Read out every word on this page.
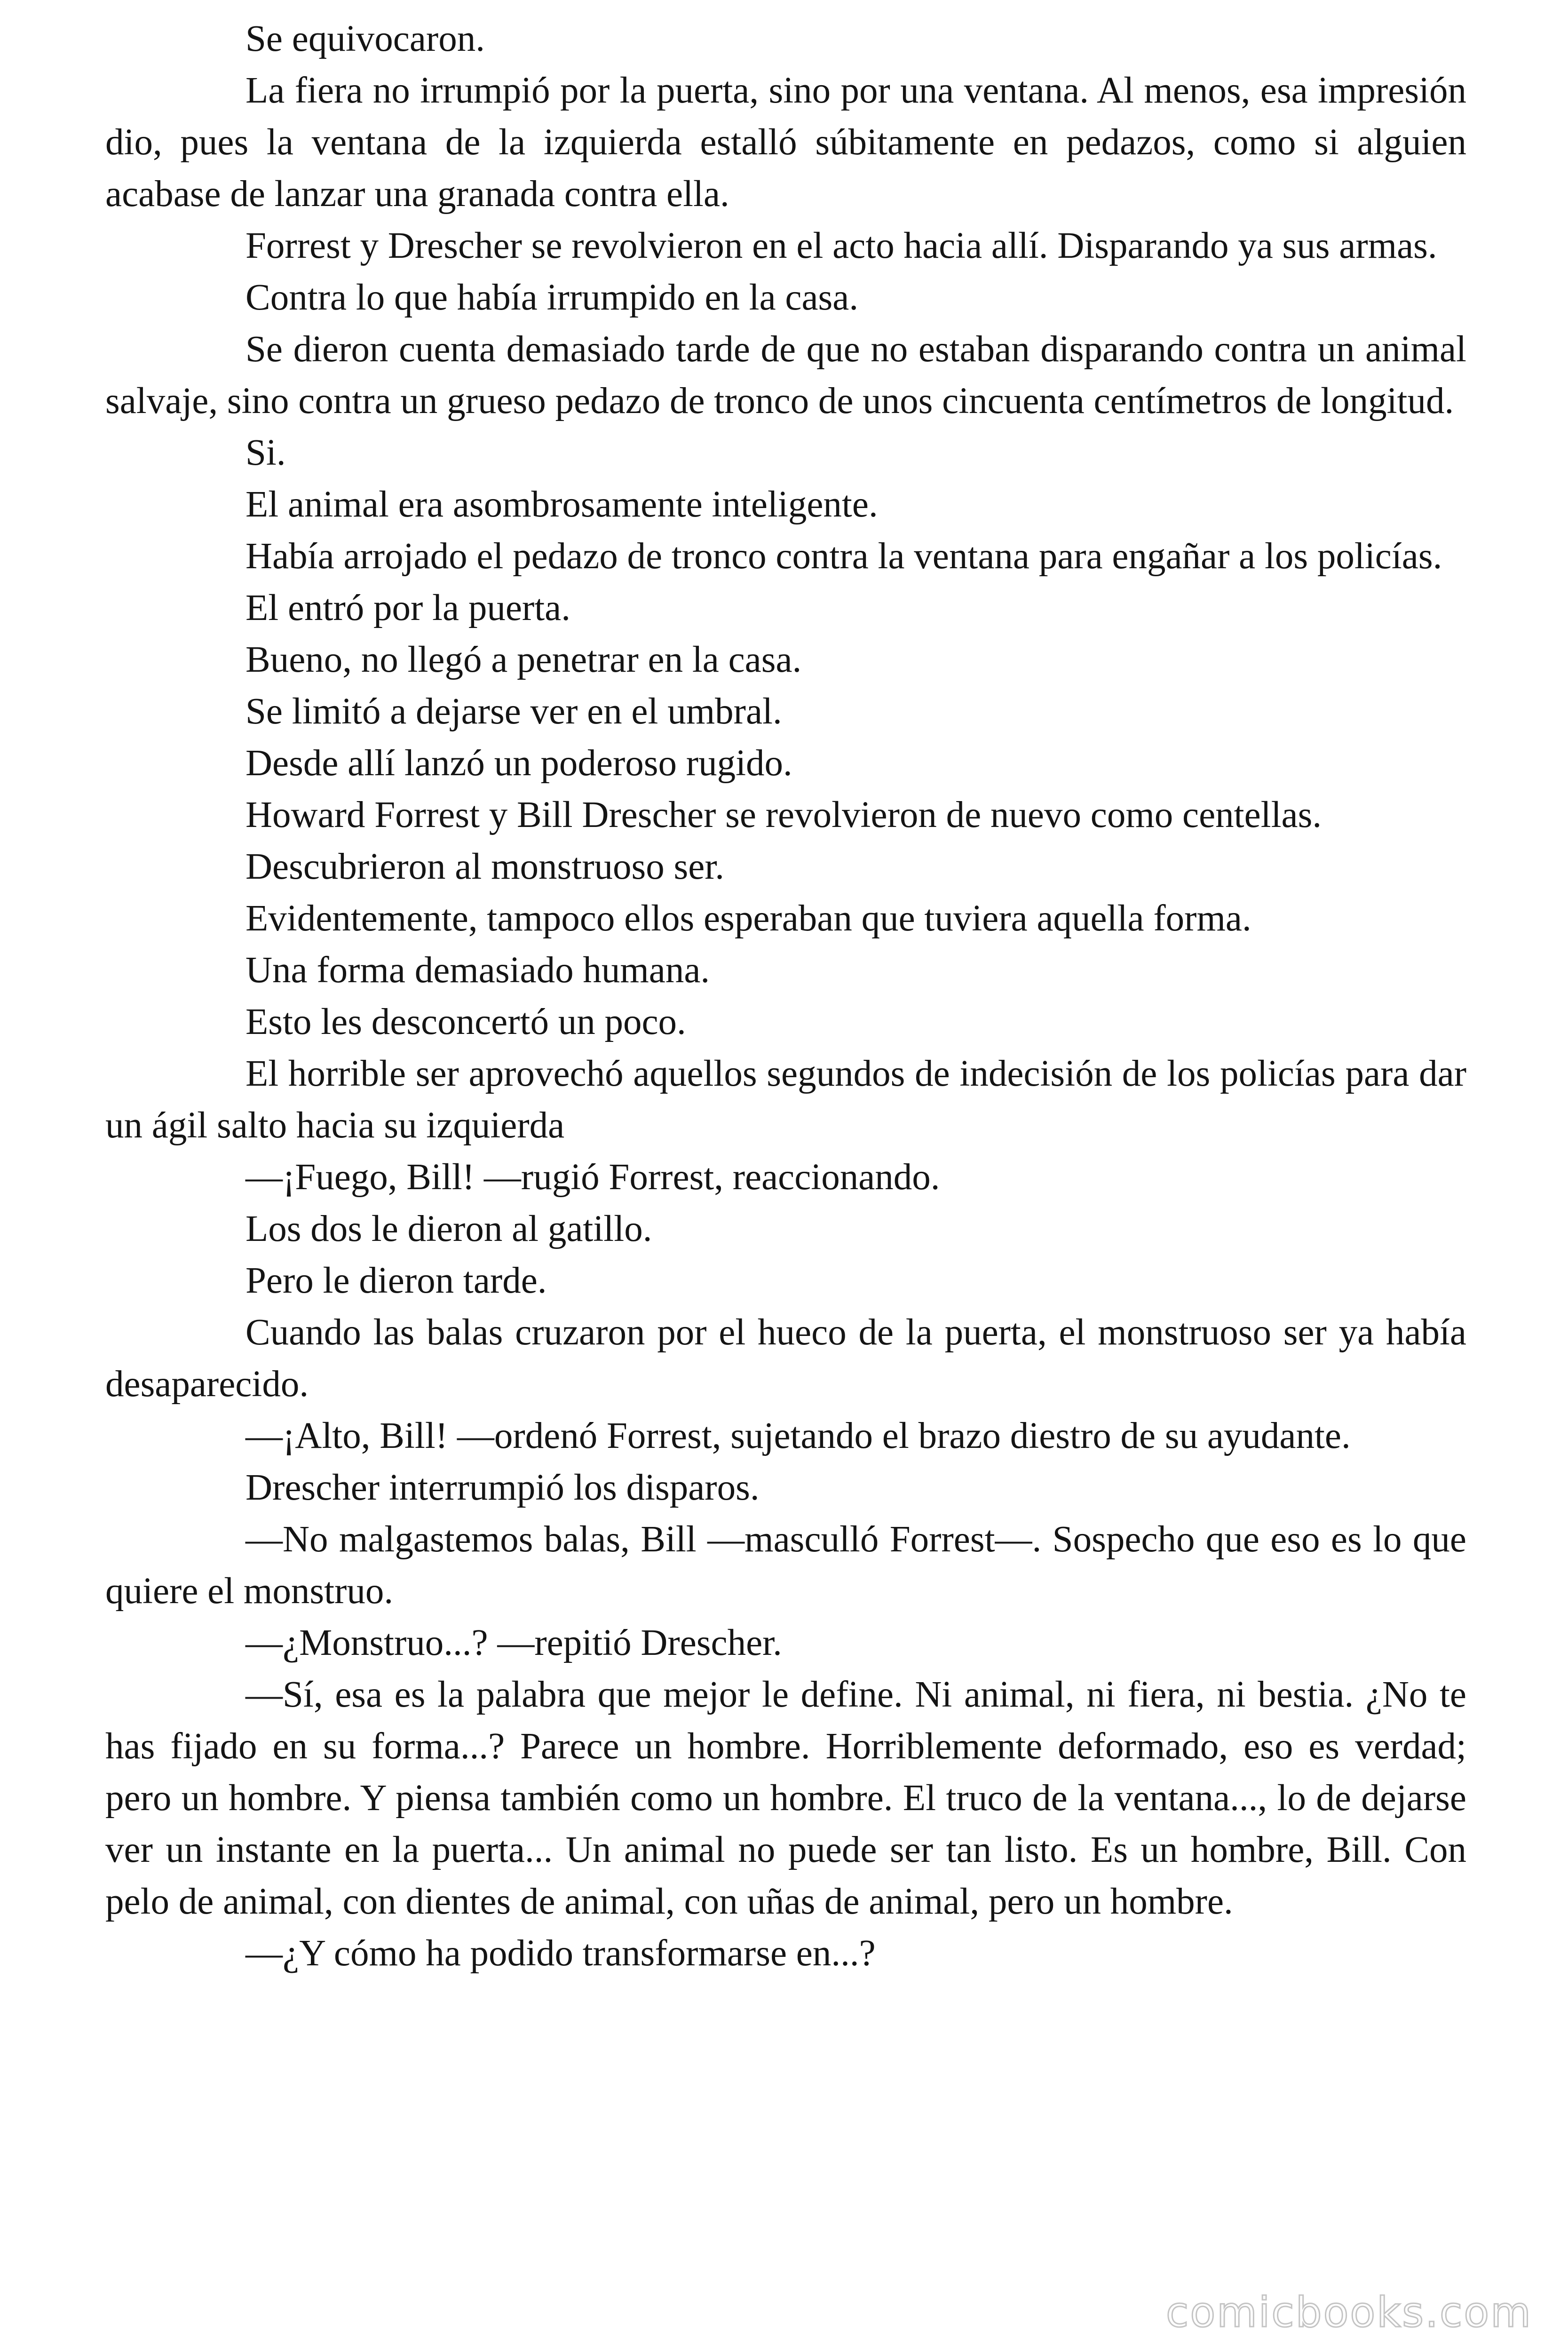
Se equivocaron.

La fiera no irrumpió por la puerta, sino por una ventana. Al menos, esa impresión dio, pues la ventana de la izquierda estalló súbitamente en pedazos, como si alguien acabase de lanzar una granada contra ella.

Forrest y Drescher se revolvieron en el acto hacia allí. Disparando ya sus armas.

Contra lo que había irrumpido en la casa.

Se dieron cuenta demasiado tarde de que no estaban disparando contra un animal salvaje, sino contra un grueso pedazo de tronco de unos cincuenta centímetros de longitud.

Si.

El animal era asombrosamente inteligente.

Había arrojado el pedazo de tronco contra la ventana para engañar a los policías.

El entró por la puerta.

Bueno, no llegó a penetrar en la casa.

Se limitó a dejarse ver en el umbral.

Desde allí lanzó un poderoso rugido.

Howard Forrest y Bill Drescher se revolvieron de nuevo como centellas.

Descubrieron al monstruoso ser.

Evidentemente, tampoco ellos esperaban que tuviera aquella forma.

Una forma demasiado humana.

Esto les desconcertó un poco.

El horrible ser aprovechó aquellos segundos de indecisión de los policías para dar un ágil salto hacia su izquierda

—¡Fuego, Bill! —rugió Forrest, reaccionando.

Los dos le dieron al gatillo.

Pero le dieron tarde.

Cuando las balas cruzaron por el hueco de la puerta, el monstruoso ser ya había desaparecido.

—¡Alto, Bill! —ordenó Forrest, sujetando el brazo diestro de su ayudante.

Drescher interrumpió los disparos.

—No malgastemos balas, Bill —masculló Forrest—. Sospecho que eso es lo que quiere el monstruo.

—¿Monstruo...? —repitió Drescher.

—Sí, esa es la palabra que mejor le define. Ni animal, ni fiera, ni bestia. ¿No te has fijado en su forma...? Parece un hombre. Horriblemente deformado, eso es verdad; pero un hombre. Y piensa también como un hombre. El truco de la ventana..., lo de dejarse ver un instante en la puerta... Un animal no puede ser tan listo. Es un hombre, Bill. Con pelo de animal, con dientes de animal, con uñas de animal, pero un hombre.

—¿Y cómo ha podido transformarse en...?

comicbooks.com
